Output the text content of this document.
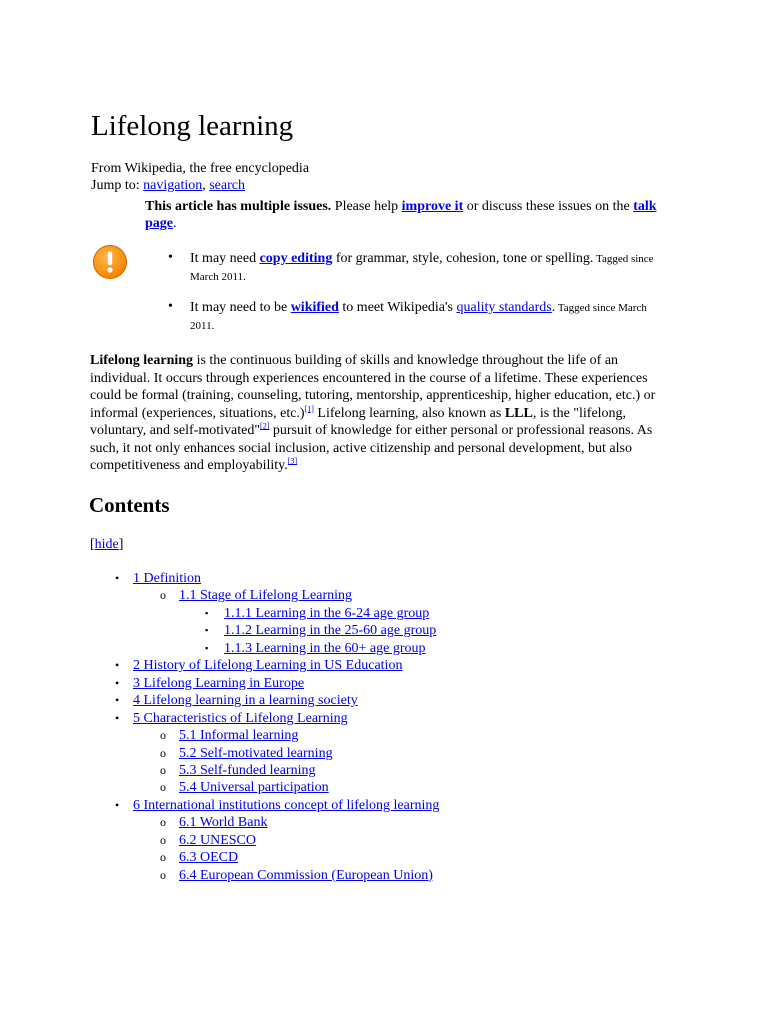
Lifelong learning
From Wikipedia, the free encyclopedia
Jump to: navigation, search
This article has multiple issues. Please help improve it or discuss these issues on the talk page.
• It may need copy editing for grammar, style, cohesion, tone or spelling. Tagged since March 2011.
• It may need to be wikified to meet Wikipedia's quality standards. Tagged since March 2011.
Lifelong learning is the continuous building of skills and knowledge throughout the life of an individual. It occurs through experiences encountered in the course of a lifetime. These experiences could be formal (training, counseling, tutoring, mentorship, apprenticeship, higher education, etc.) or informal (experiences, situations, etc.)[1] Lifelong learning, also known as LLL, is the "lifelong, voluntary, and self-motivated"[2] pursuit of knowledge for either personal or professional reasons. As such, it not only enhances social inclusion, active citizenship and personal development, but also competitiveness and employability.[3]
Contents
[hide]
• 1 Definition
o 1.1 Stage of Lifelong Learning
▪ 1.1.1 Learning in the 6-24 age group
▪ 1.1.2 Learning in the 25-60 age group
▪ 1.1.3 Learning in the 60+ age group
• 2 History of Lifelong Learning in US Education
• 3 Lifelong Learning in Europe
• 4 Lifelong learning in a learning society
• 5 Characteristics of Lifelong Learning
o 5.1 Informal learning
o 5.2 Self-motivated learning
o 5.3 Self-funded learning
o 5.4 Universal participation
• 6 International institutions concept of lifelong learning
o 6.1 World Bank
o 6.2 UNESCO
o 6.3 OECD
o 6.4 European Commission (European Union)
